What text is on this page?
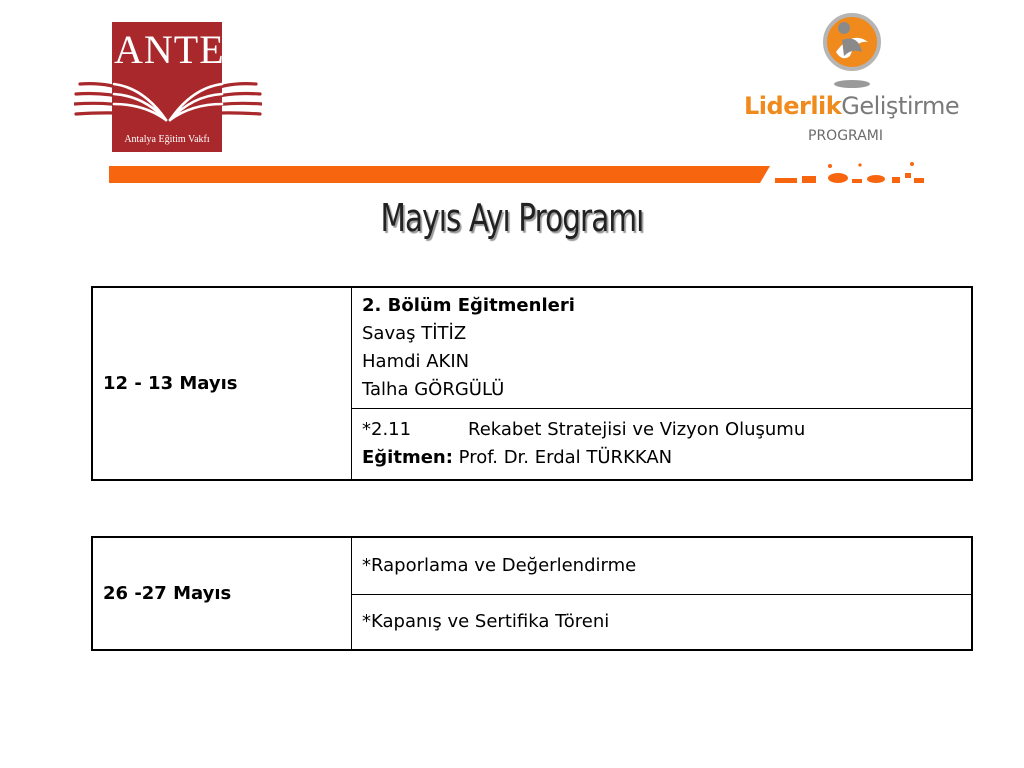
ANTEV
Antalya Eğitim Vakfı
LiderlikGeliştirme
PROGRAMI
Mayıs Ayı Programı
12 - 13 Mayıs	
2. Bölüm Eğitmenleri
Savaş TİTİZ
Hamdi AKIN
Talha GÖRGÜLÜ

*2.11	Rekabet Stratejisi ve Vizyon Oluşumu
Eğitmen: Prof. Dr. Erdal TÜRKKAN
26 -27 Mayıs	*Raporlama ve Değerlendirme
*Kapanış ve Sertifika Töreni
